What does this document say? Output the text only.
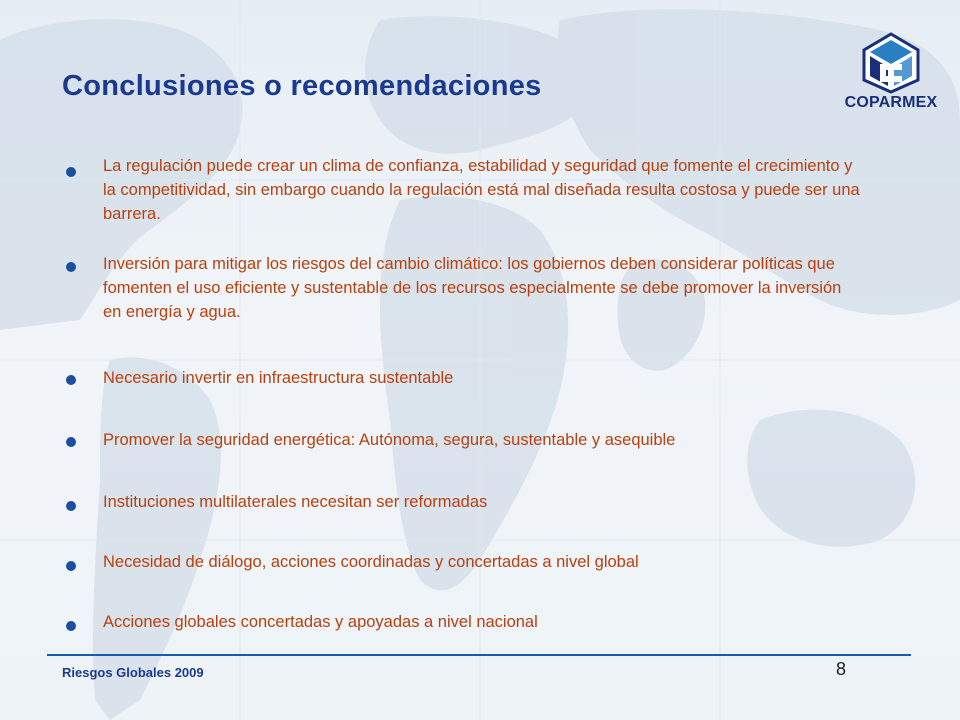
Conclusiones o recomendaciones
COPARMEX
La regulación puede crear un clima de confianza, estabilidad y seguridad que fomente el crecimiento y la competitividad, sin embargo cuando la regulación está mal diseñada resulta costosa y puede ser una barrera.
Inversión para mitigar los riesgos del cambio climático: los gobiernos deben considerar políticas que fomenten el uso eficiente y sustentable de los recursos especialmente se debe promover la inversión en energía y agua.
Necesario invertir en infraestructura sustentable
Promover la seguridad energética: Autónoma, segura, sustentable y asequible
Instituciones multilaterales necesitan ser reformadas
Necesidad de diálogo, acciones coordinadas y concertadas a nivel global
Acciones globales concertadas y apoyadas a nivel nacional
Riesgos Globales 2009	8
